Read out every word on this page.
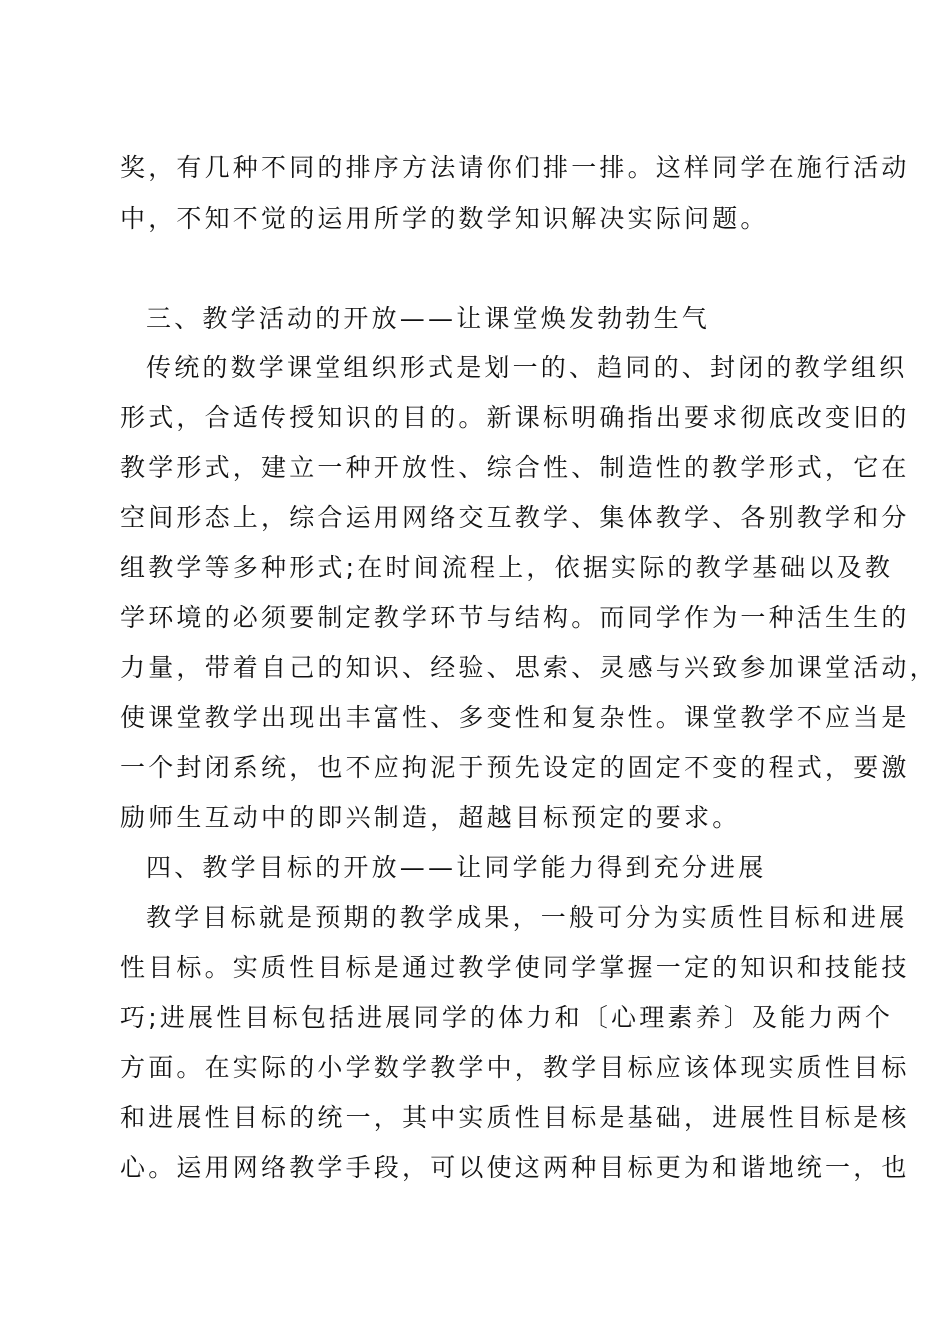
奖，有几种不同的排序方法请你们排一排。这样同学在施行活动

中，不知不觉的运用所学的数学知识解决实际问题。

三、教学活动的开放——让课堂焕发勃勃生气

传统的数学课堂组织形式是划一的、趋同的、封闭的教学组织

形式，合适传授知识的目的。新课标明确指出要求彻底改变旧的

教学形式，建立一种开放性、综合性、制造性的教学形式，它在

空间形态上，综合运用网络交互教学、集体教学、各别教学和分

组教学等多种形式;在时间流程上，依据实际的教学基础以及教

学环境的必须要制定教学环节与结构。而同学作为一种活生生的

力量，带着自己的知识、经验、思索、灵感与兴致参加课堂活动，

使课堂教学出现出丰富性、多变性和复杂性。课堂教学不应当是

一个封闭系统，也不应拘泥于预先设定的固定不变的程式，要激

励师生互动中的即兴制造，超越目标预定的要求。

四、教学目标的开放——让同学能力得到充分进展

教学目标就是预期的教学成果，一般可分为实质性目标和进展

性目标。实质性目标是通过教学使同学掌握一定的知识和技能技

巧;进展性目标包括进展同学的体力和〔心理素养〕及能力两个

方面。在实际的小学数学教学中，教学目标应该体现实质性目标

和进展性目标的统一，其中实质性目标是基础，进展性目标是核

心。运用网络教学手段，可以使这两种目标更为和谐地统一，也
